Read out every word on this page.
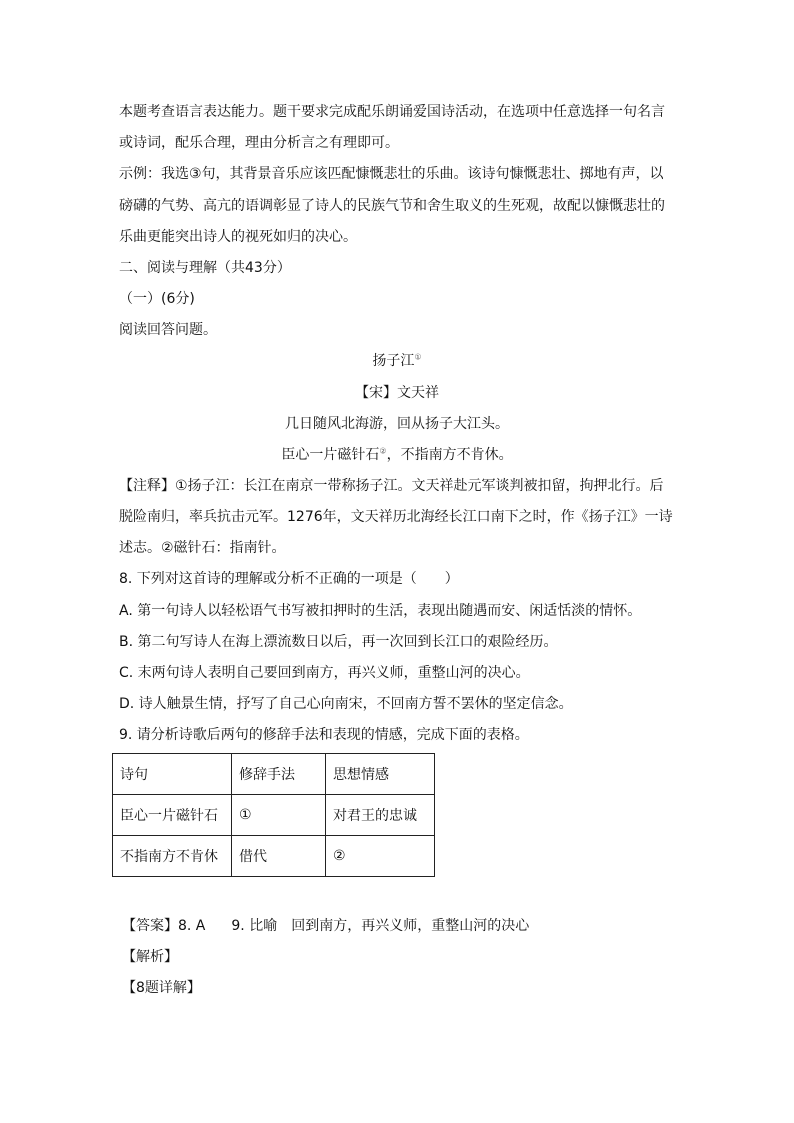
本题考查语言表达能力。题干要求完成配乐朗诵爱国诗活动，在选项中任意选择一句名言
或诗词，配乐合理，理由分析言之有理即可。
示例：我选③句，其背景音乐应该匹配慷慨悲壮的乐曲。该诗句慷慨悲壮、掷地有声，以
磅礴的气势、高亢的语调彰显了诗人的民族气节和舍生取义的生死观，故配以慷慨悲壮的
乐曲更能突出诗人的视死如归的决心。
二、阅读与理解（共43分）
（一）(6分)
阅读回答问题。
扬子江①
【宋】文天祥
几日随风北海游，回从扬子大江头。
臣心一片磁针石②，不指南方不肯休。
【注释】①扬子江：长江在南京一带称扬子江。文天祥赴元军谈判被扣留，拘押北行。后
脱险南归，率兵抗击元军。1276年，文天祥历北海经长江口南下之时，作《扬子江》一诗
述志。②磁针石：指南针。
8. 下列对这首诗的理解或分析不正确的一项是（　　）
A. 第一句诗人以轻松语气书写被扣押时的生活，表现出随遇而安、闲适恬淡的情怀。
B. 第二句写诗人在海上漂流数日以后，再一次回到长江口的艰险经历。
C. 末两句诗人表明自己要回到南方，再兴义师，重整山河的决心。
D. 诗人触景生情，抒写了自己心向南宋，不回南方誓不罢休的坚定信念。
9. 请分析诗歌后两句的修辞手法和表现的情感，完成下面的表格。
诗句	修辞手法	思想情感
臣心一片磁针石	①	对君王的忠诚
不指南方不肯休	借代	②
【答案】8. A 9. 比喻 回到南方，再兴义师，重整山河的决心
【解析】
【8题详解】
